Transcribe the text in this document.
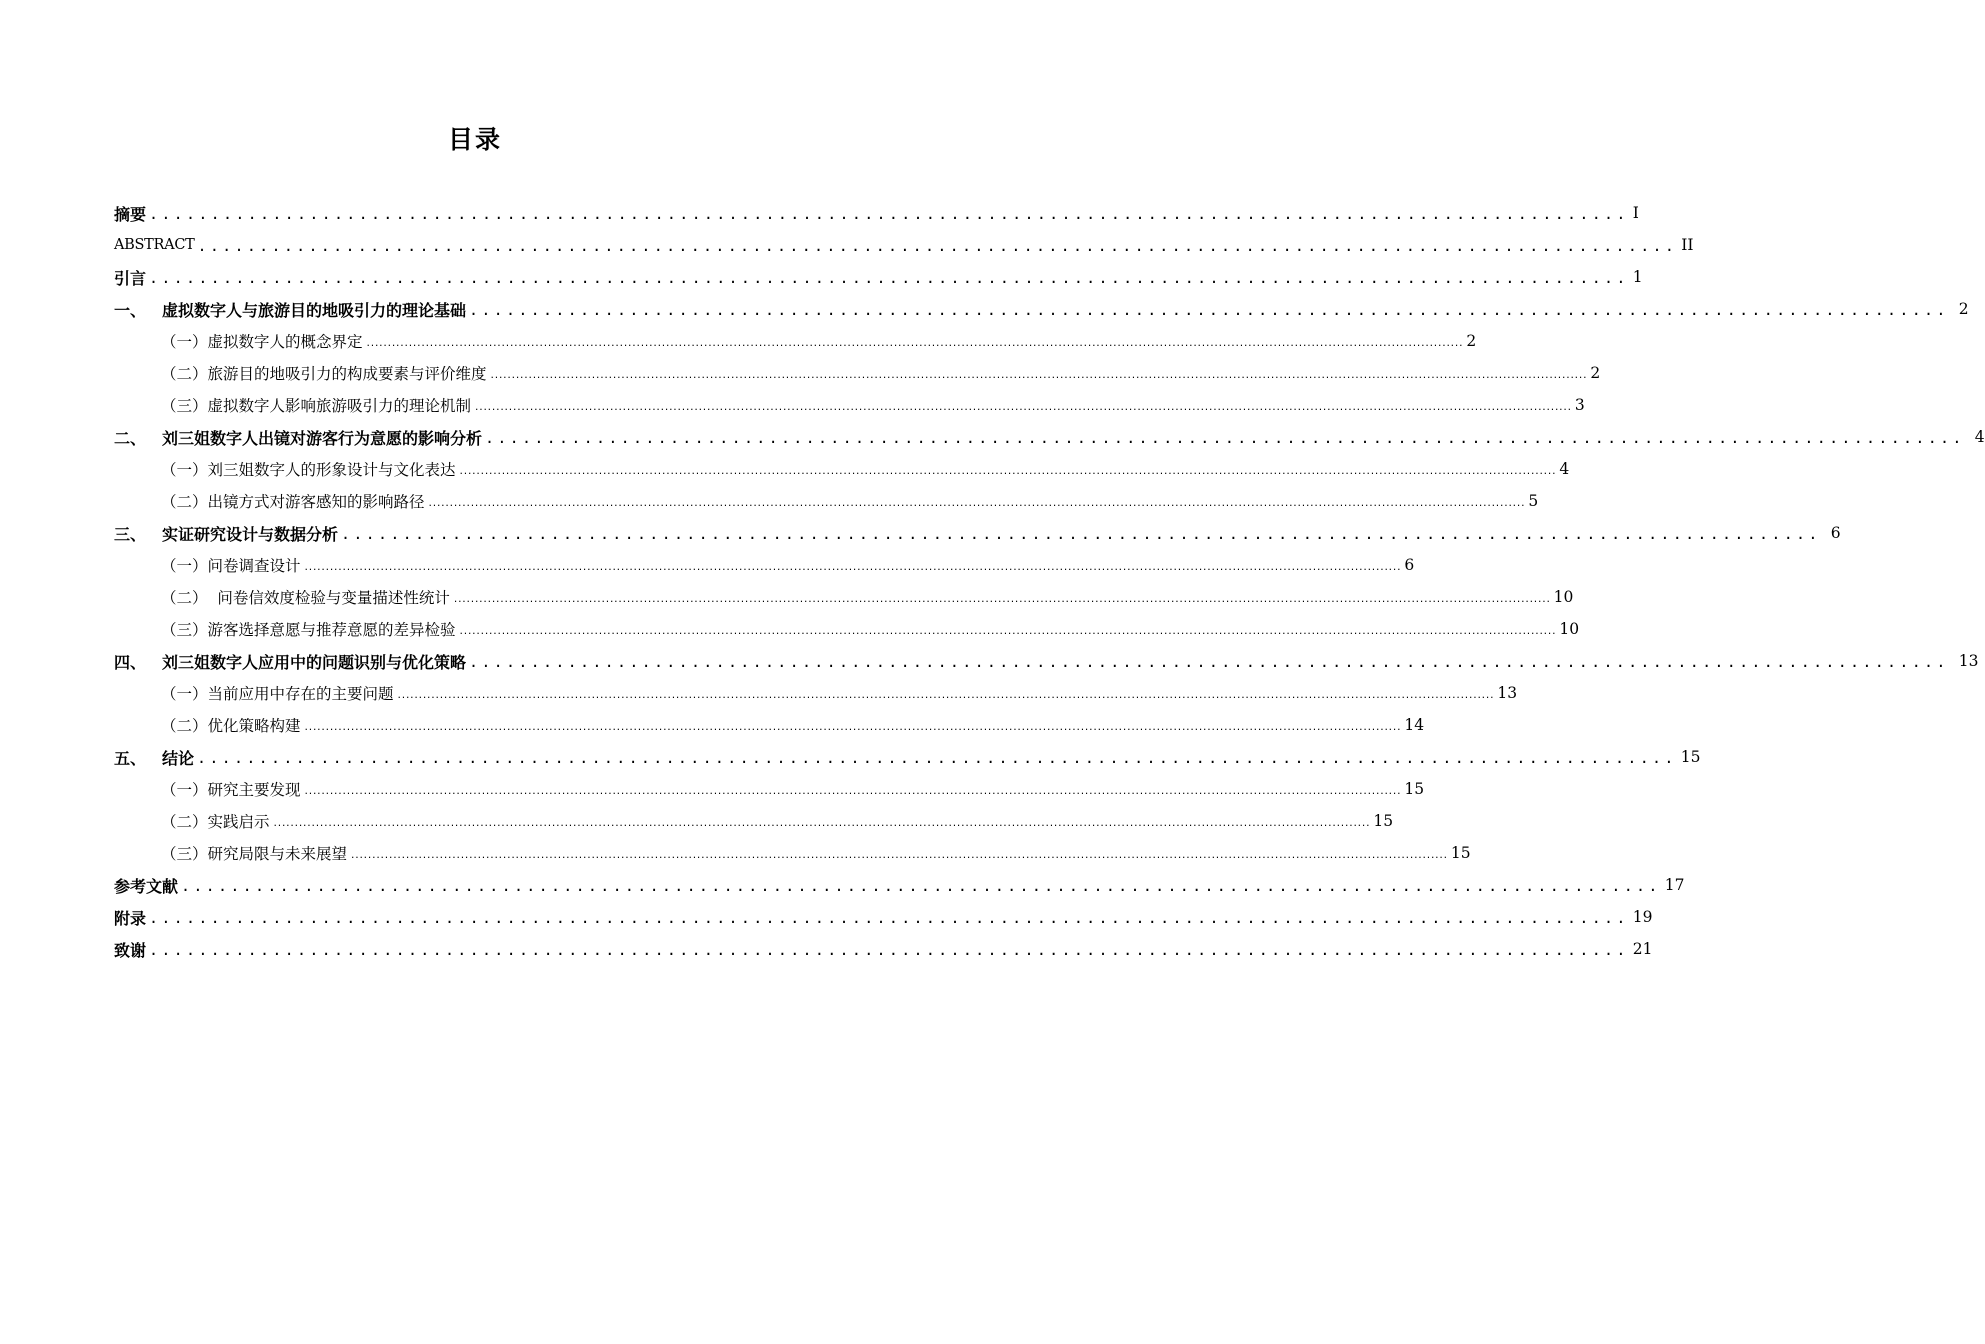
目录
摘要 ........................................................................................................................ I
ABSTRACT ........................................................................................................................ II
引言 ........................................................................................................................ 1
一、 虚拟数字人与旅游目的地吸引力的理论基础 ........................................................................................................................ 2
（一）虚拟数字人的概念界定 .................................................................................................................................................................................................................................................................... 2
（二）旅游目的地吸引力的构成要素与评价维度 .................................................................................................................................................................................................................................................................... 2
（三）虚拟数字人影响旅游吸引力的理论机制 .................................................................................................................................................................................................................................................................... 3
二、 刘三姐数字人出镜对游客行为意愿的影响分析 ........................................................................................................................ 4
（一）刘三姐数字人的形象设计与文化表达 .................................................................................................................................................................................................................................................................... 4
（二）出镜方式对游客感知的影响路径 .................................................................................................................................................................................................................................................................... 5
三、 实证研究设计与数据分析 ........................................................................................................................ 6
（一）问卷调查设计 .................................................................................................................................................................................................................................................................... 6
（二）  问卷信效度检验与变量描述性统计 .................................................................................................................................................................................................................................................................... 10
（三）游客选择意愿与推荐意愿的差异检验 .................................................................................................................................................................................................................................................................... 10
四、 刘三姐数字人应用中的问题识别与优化策略 ........................................................................................................................ 13
（一）当前应用中存在的主要问题 .................................................................................................................................................................................................................................................................... 13
（二）优化策略构建 .................................................................................................................................................................................................................................................................... 14
五、 结论 ........................................................................................................................ 15
（一）研究主要发现 .................................................................................................................................................................................................................................................................... 15
（二）实践启示 .................................................................................................................................................................................................................................................................... 15
（三）研究局限与未来展望 .................................................................................................................................................................................................................................................................... 15
参考文献 ........................................................................................................................ 17
附录 ........................................................................................................................ 19
致谢 ........................................................................................................................ 21
